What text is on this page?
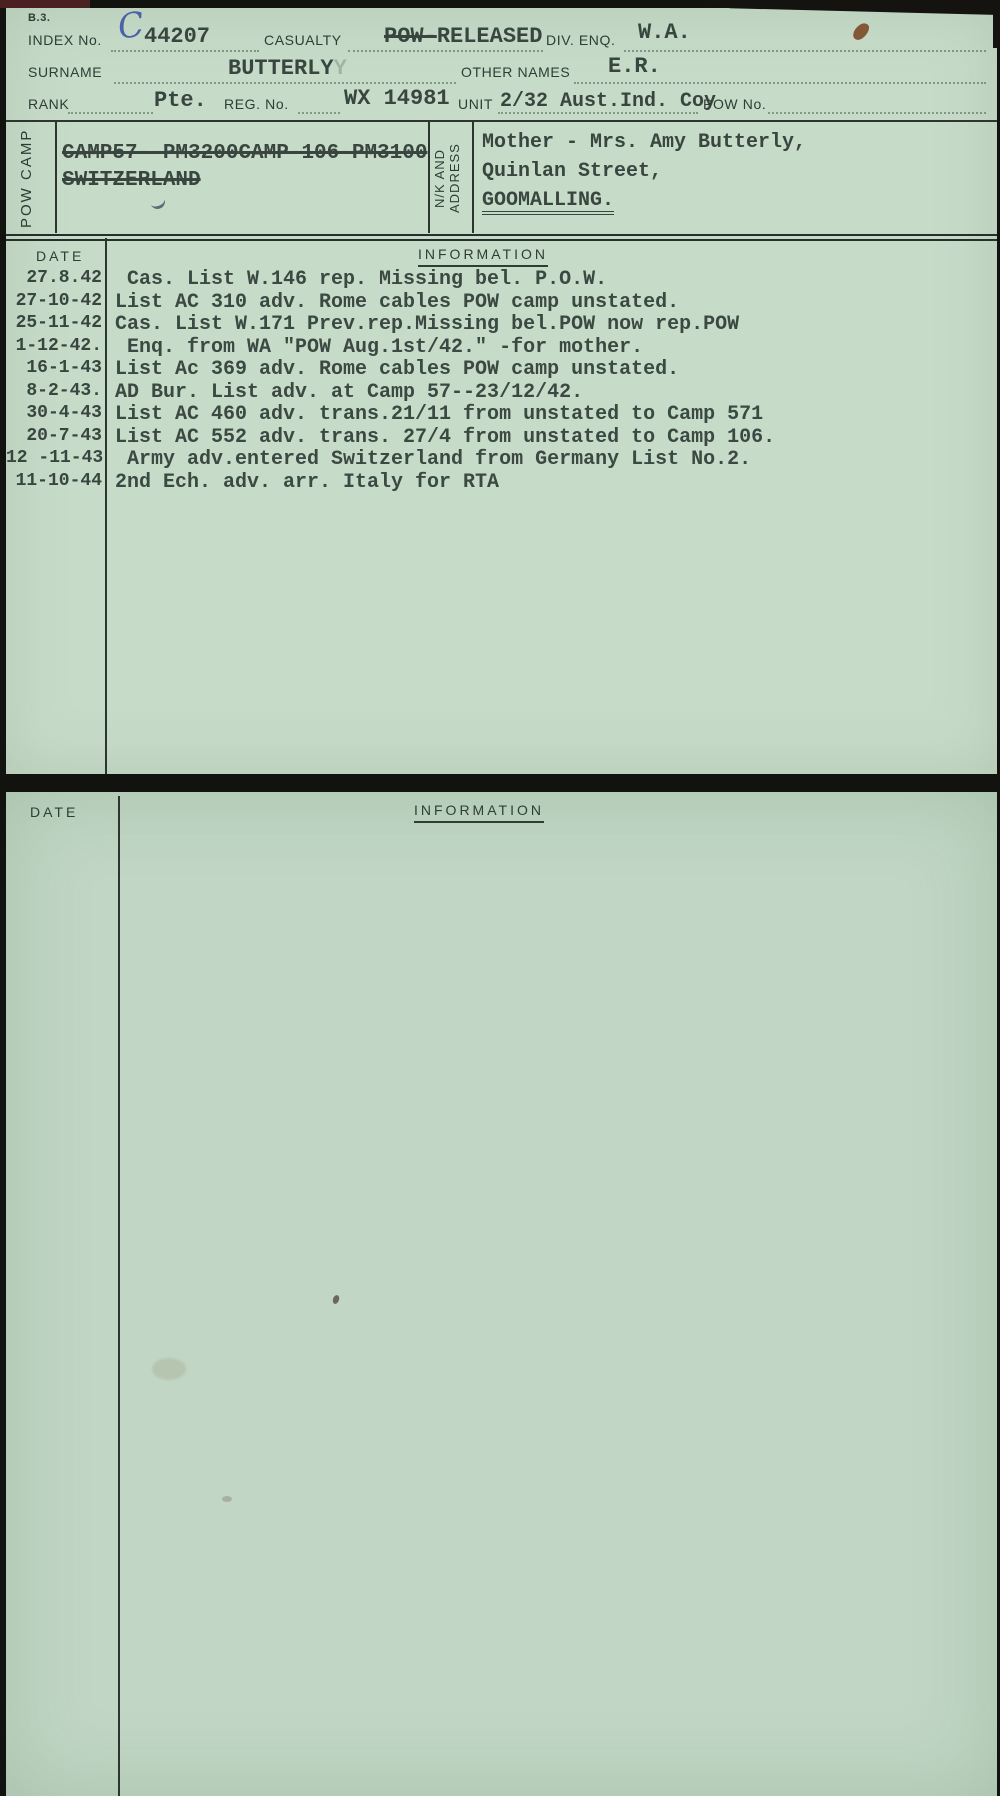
B.3. C
INDEX No. 44207	CASUALTY POW-RELEASED DIV. ENQ. W.A.
SURNAME	BUTTERLYY	OTHER NAMES E.R.
RANK	Pte. REG. No.	WX 14981 UNIT 2/32 Aust.Ind. Coy
POW No.
POW CAMP CAMP57- PM3200CAMP-106-PM3100
SWITZERLAND	N/K AND ADDRESS
Mother - Mrs. Amy Butterly,
Quinlan Street,
GOOMALLING.
DATE	INFORMATION
27.8.42 Cas. List W.146 rep. Missing bel. P.O.W.
27-10-42 List AC 310 adv. Rome cables POW camp unstated.
25-11-42 Cas. List W.171 Prev.rep.Missing bel.POW now rep.POW
1-12-42. Enq. from WA "POW Aug.1st/42." -for mother.
16-1-43 List Ac 369 adv. Rome cables POW camp unstated.
8-2-43. AD Bur. List adv. at Camp 57--23/12/42.
30-4-43 List AC 460 adv. trans.21/11 from unstated to Camp 571
20-7-43 List AC 552 adv. trans. 27/4 from unstated to Camp 106.
12 -11-43 Army adv.entered Switzerland from Germany List No.2.
11-10-44 2nd Ech. adv. arr. Italy for RTA
DATE	INFORMATION
